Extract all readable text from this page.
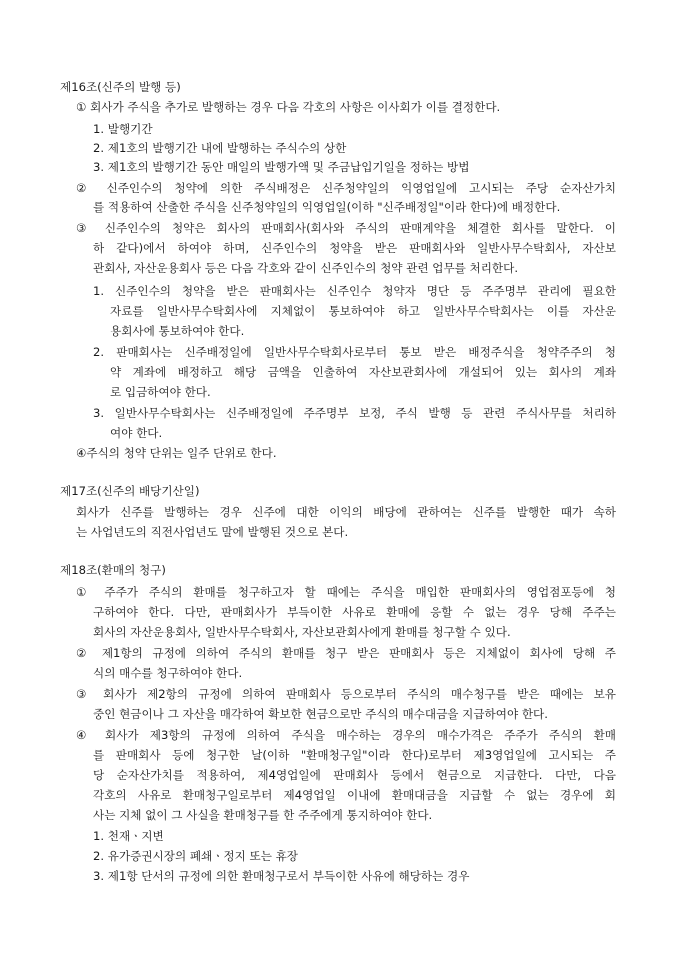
제16조(신주의 발행 등)
① 회사가 주식을 추가로 발행하는 경우 다음 각호의 사항은 이사회가 이를 결정한다.
1. 발행기간
2. 제1호의 발행기간 내에 발행하는 주식수의 상한
3. 제1호의 발행기간 동안 매일의 발행가액 및 주금납입기일을 정하는 방법
② 신주인수의 청약에 의한 주식배정은 신주청약일의 익영업일에 고시되는 주당 순자산가치
를 적용하여 산출한 주식을 신주청약일의 익영업일(이하 "신주배정일"이라 한다)에 배정한다.
③ 신주인수의 청약은 회사의 판매회사(회사와 주식의 판매계약을 체결한 회사를 말한다. 이
하 같다)에서 하여야 하며, 신주인수의 청약을 받은 판매회사와 일반사무수탁회사, 자산보
관회사, 자산운용회사 등은 다음 각호와 같이 신주인수의 청약 관련 업무를 처리한다.
1. 신주인수의 청약을 받은 판매회사는 신주인수 청약자 명단 등 주주명부 관리에 필요한
자료를 일반사무수탁회사에 지체없이 통보하여야 하고 일반사무수탁회사는 이를 자산운
용회사에 통보하여야 한다.
2. 판매회사는 신주배정일에 일반사무수탁회사로부터 통보 받은 배정주식을 청약주주의 청
약 계좌에 배정하고 해당 금액을 인출하여 자산보관회사에 개설되어 있는 회사의 계좌
로 입금하여야 한다.
3. 일반사무수탁회사는 신주배정일에 주주명부 보정, 주식 발행 등 관련 주식사무를 처리하
여야 한다.
④주식의 청약 단위는 일주 단위로 한다.
제17조(신주의 배당기산일)
회사가 신주를 발행하는 경우 신주에 대한 이익의 배당에 관하여는 신주를 발행한 때가 속하
는 사업년도의 직전사업년도 말에 발행된 것으로 본다.
제18조(환매의 청구)
① 주주가 주식의 환매를 청구하고자 할 때에는 주식을 매입한 판매회사의 영업점포등에 청
구하여야 한다. 다만, 판매회사가 부득이한 사유로 환매에 응할 수 없는 경우 당해 주주는
회사의 자산운용회사, 일반사무수탁회사, 자산보관회사에게 환매를 청구할 수 있다.
② 제1항의 규정에 의하여 주식의 환매를 청구 받은 판매회사 등은 지체없이 회사에 당해 주
식의 매수를 청구하여야 한다.
③ 회사가 제2항의 규정에 의하여 판매회사 등으로부터 주식의 매수청구를 받은 때에는 보유
중인 현금이나 그 자산을 매각하여 확보한 현금으로만 주식의 매수대금을 지급하여야 한다.
④ 회사가 제3항의 규정에 의하여 주식을 매수하는 경우의 매수가격은 주주가 주식의 환매
를 판매회사 등에 청구한 날(이하 "환매청구일"이라 한다)로부터 제3영업일에 고시되는 주
당 순자산가치를 적용하여, 제4영업일에 판매회사 등에서 현금으로 지급한다. 다만, 다음
각호의 사유로 환매청구일로부터 제4영업일 이내에 환매대금을 지급할 수 없는 경우에 회
사는 지체 없이 그 사실을 환매청구를 한 주주에게 통지하여야 한다.
1. 천재ㆍ지변
2. 유가증권시장의 폐쇄ㆍ정지 또는 휴장
3. 제1항 단서의 규정에 의한 환매청구로서 부득이한 사유에 해당하는 경우
